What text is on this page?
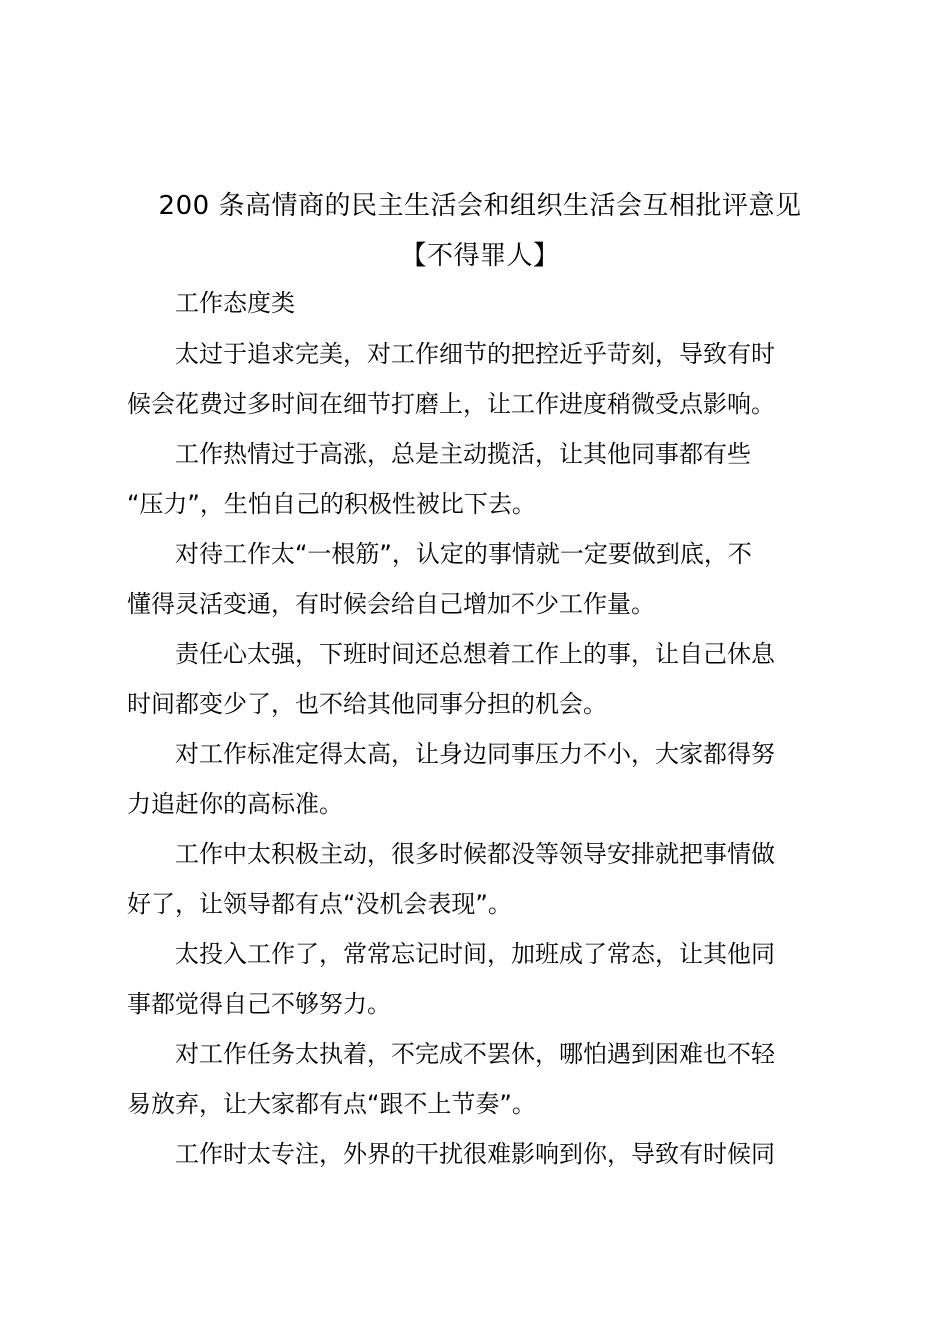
200 条高情商的民主生活会和组织生活会互相批评意见
【不得罪人】
　　工作态度类
　　太过于追求完美，对工作细节的把控近乎苛刻，导致有时
候会花费过多时间在细节打磨上，让工作进度稍微受点影响。
　　工作热情过于高涨，总是主动揽活，让其他同事都有些
“压力”，生怕自己的积极性被比下去。
　　对待工作太“一根筋”，认定的事情就一定要做到底，不
懂得灵活变通，有时候会给自己增加不少工作量。
　　责任心太强，下班时间还总想着工作上的事，让自己休息
时间都变少了，也不给其他同事分担的机会。
　　对工作标准定得太高，让身边同事压力不小，大家都得努
力追赶你的高标准。
　　工作中太积极主动，很多时候都没等领导安排就把事情做
好了，让领导都有点“没机会表现”。
　　太投入工作了，常常忘记时间，加班成了常态，让其他同
事都觉得自己不够努力。
　　对工作任务太执着，不完成不罢休，哪怕遇到困难也不轻
易放弃，让大家都有点“跟不上节奏”。
　　工作时太专注，外界的干扰很难影响到你，导致有时候同
